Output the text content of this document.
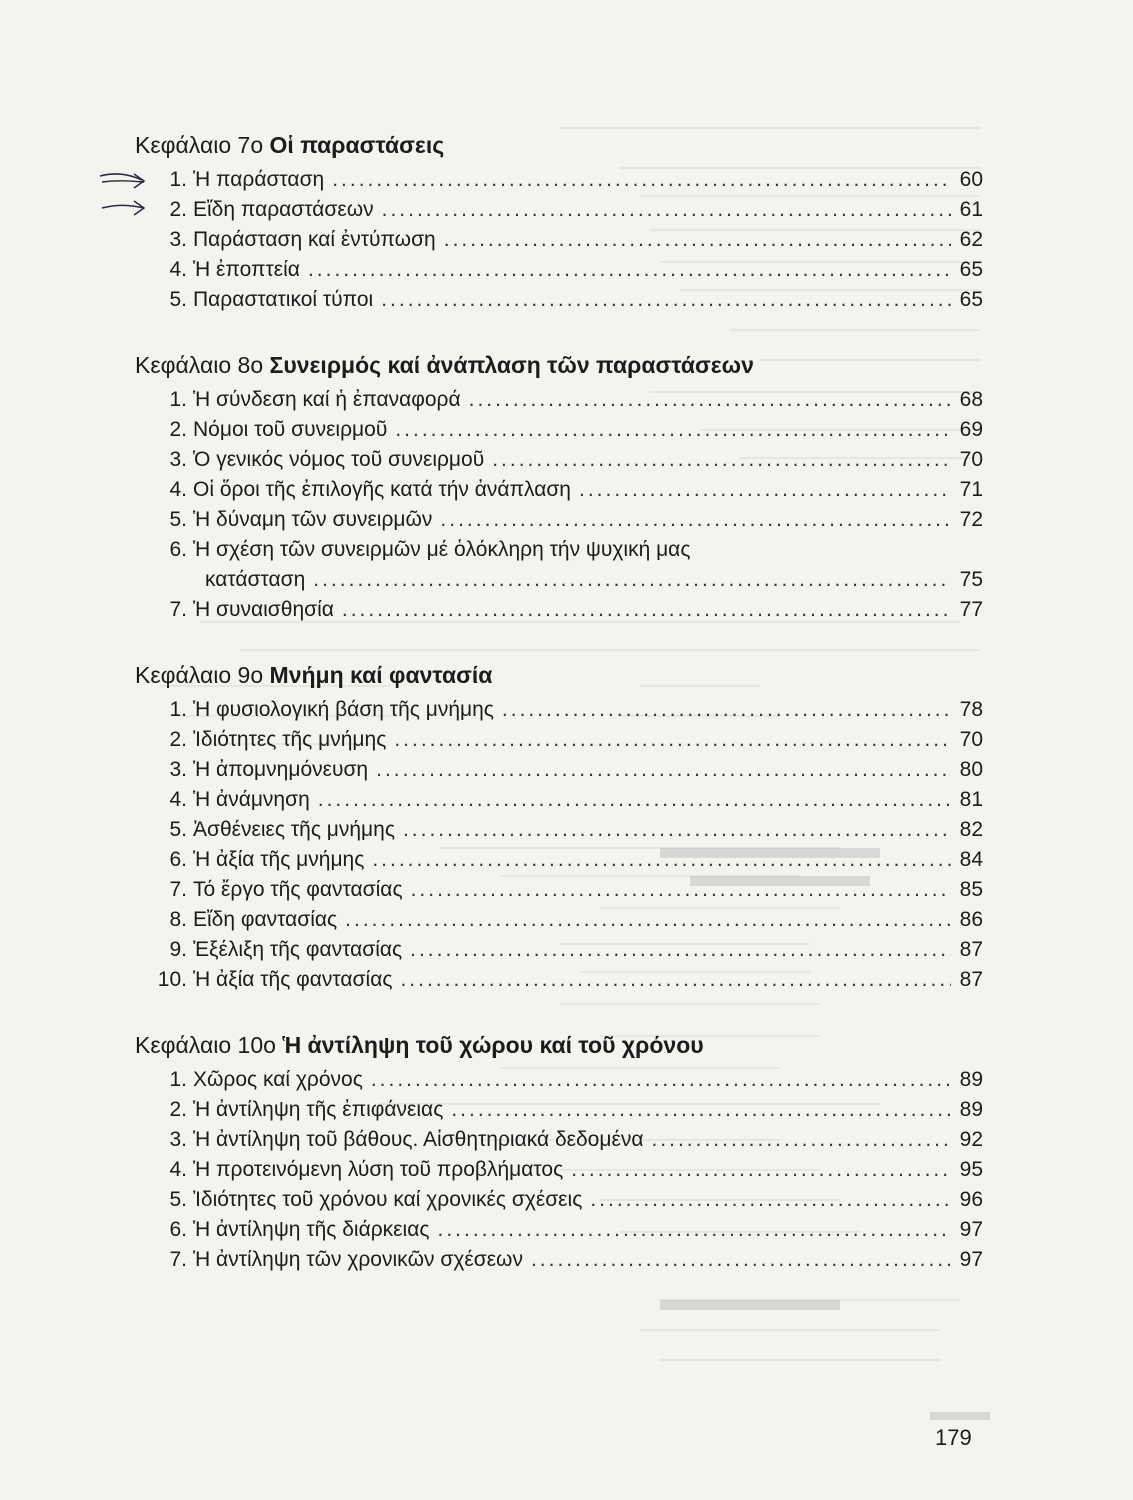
Κεφάλαιο 7ο Οἱ παραστάσεις
1. Ἡ παράσταση .....	60
2. Εἴδη παραστάσεων .....	61
3. Παράσταση καί ἐντύπωση .....	62
4. Ἡ ἐποπτεία .....	65
5. Παραστατικοί τύποι .....	65
Κεφάλαιο 8ο Συνειρμός καί ἀνάπλαση τῶν παραστάσεων
1. Ἡ σύνδεση καί ἡ ἐπαναφορά .....	68
2. Νόμοι τοῦ συνειρμοῦ .....	69
3. Ὁ γενικός νόμος τοῦ συνειρμοῦ .....	70
4. Οἱ ὅροι τῆς ἐπιλογῆς κατά τήν ἀνάπλαση .....	71
5. Ἡ δύναμη τῶν συνειρμῶν .....	72
6. Ἡ σχέση τῶν συνειρμῶν μέ ὁλόκληρη τήν ψυχική μας
κατάσταση .....	75
7. Ἡ συναισθησία .....	77
Κεφάλαιο 9ο Μνήμη καί φαντασία
1. Ἡ φυσιολογική βάση τῆς μνήμης .....	78
2. Ἰδιότητες τῆς μνήμης .....	70
3. Ἡ ἀπομνημόνευση .....	80
4. Ἡ ἀνάμνηση .....	81
5. Ἀσθένειες τῆς μνήμης .....	82
6. Ἡ ἀξία τῆς μνήμης .....	84
7. Τό ἔργο τῆς φαντασίας .....	85
8. Εἴδη φαντασίας .....	86
9. Ἐξέλιξη τῆς φαντασίας .....	87
10. Ἡ ἀξία τῆς φαντασίας .....	87
Κεφάλαιο 10ο Ἡ ἀντίληψη τοῦ χώρου καί τοῦ χρόνου
1. Χῶρος καί χρόνος .....	89
2. Ἡ ἀντίληψη τῆς ἐπιφάνειας .....	89
3. Ἡ ἀντίληψη τοῦ βάθους. Αἰσθητηριακά δεδομένα .....	92
4. Ἡ προτεινόμενη λύση τοῦ προβλήματος .....	95
5. Ἰδιότητες τοῦ χρόνου καί χρονικές σχέσεις .....	96
6. Ἡ ἀντίληψη τῆς διάρκειας .....	97
7. Ἡ ἀντίληψη τῶν χρονικῶν σχέσεων .....	97
179
